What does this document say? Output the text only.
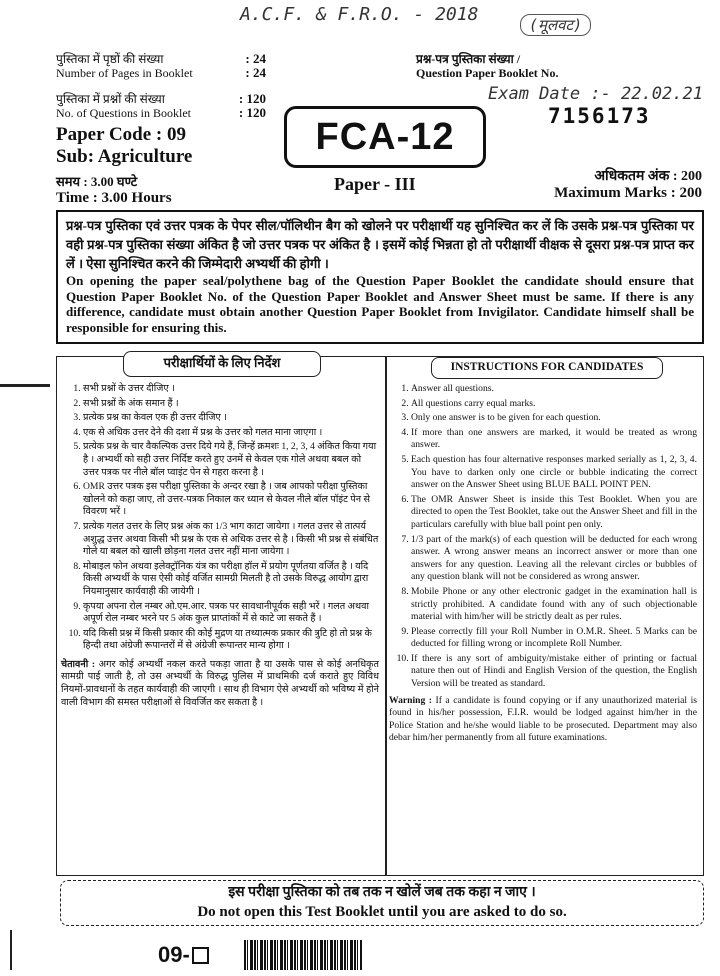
A.C.F. & F.R.O. - 2018	(मूलवट)
Exam Date :- 22.02.21
पुस्तिका में पृष्ठों की संख्या
Number of Pages in Booklet
: 24
: 24
पुस्तिका में प्रश्नों की संख्या
No. of Questions in Booklet
: 120
: 120
Paper Code : 09
Sub: Agriculture
समय : 3.00 घण्टे
Time : 3.00 Hours
प्रश्न-पत्र पुस्तिका संख्या /
Question Paper Booklet No.
7156173
अधिकतम अंक : 200
Maximum Marks : 200
FCA-12
Paper - III
प्रश्न-पत्र पुस्तिका एवं उत्तर पत्रक के पेपर सील/पॉलिथीन बैग को खोलने पर परीक्षार्थी यह सुनिश्चित कर लें कि उसके प्रश्न-पत्र पुस्तिका पर वही प्रश्न-पत्र पुस्तिका संख्या अंकित है जो उत्तर पत्रक पर अंकित है । इसमें कोई भिन्नता हो तो परीक्षार्थी वीक्षक से दूसरा प्रश्न-पत्र प्राप्त कर लें । ऐसा सुनिश्चित करने की जिम्मेदारी अभ्यर्थी की होगी ।
On opening the paper seal/polythene bag of the Question Paper Booklet the candidate should ensure that Question Paper Booklet No. of the Question Paper Booklet and Answer Sheet must be same. If there is any difference, candidate must obtain another Question Paper Booklet from Invigilator. Candidate himself shall be responsible for ensuring this.
परीक्षार्थियों के लिए निर्देश
1. सभी प्रश्नों के उत्तर दीजिए ।
2. सभी प्रश्नों के अंक समान हैं ।
3. प्रत्येक प्रश्न का केवल एक ही उत्तर दीजिए ।
4. एक से अधिक उत्तर देने की दशा में प्रश्न के उत्तर को गलत माना जाएगा ।
5. प्रत्येक प्रश्न के चार वैकल्पिक उत्तर दिये गये हैं, जिन्हें क्रमशः 1, 2, 3, 4 अंकित किया गया है । अभ्यर्थी को सही उत्तर निर्दिष्ट करते हुए उनमें से केवल एक गोले अथवा बबल को उत्तर पत्रक पर नीले बॉल प्वाइंट पेन से गहरा करना है ।
6. OMR उत्तर पत्रक इस परीक्षा पुस्तिका के अन्दर रखा है । जब आपको परीक्षा पुस्तिका खोलने को कहा जाए, तो उत्तर-पत्रक निकाल कर ध्यान से केवल नीले बॉल पॉइंट पेन से विवरण भरें ।
7. प्रत्येक गलत उत्तर के लिए प्रश्न अंक का 1/3 भाग काटा जायेगा । गलत उत्तर से तात्पर्य अशुद्ध उत्तर अथवा किसी भी प्रश्न के एक से अधिक उत्तर से है । किसी भी प्रश्न से संबंधित गोले या बबल को खाली छोड़ना गलत उत्तर नहीं माना जायेगा ।
8. मोबाइल फोन अथवा इलेक्ट्रॉनिक यंत्र का परीक्षा हॉल में प्रयोग पूर्णतया वर्जित है । यदि किसी अभ्यर्थी के पास ऐसी कोई वर्जित सामग्री मिलती है तो उसके विरुद्ध आयोग द्वारा नियमानुसार कार्यवाही की जायेगी ।
9. कृपया अपना रोल नम्बर ओ.एम.आर. पत्रक पर सावधानीपूर्वक सही भरें । गलत अथवा अपूर्ण रोल नम्बर भरने पर 5 अंक कुल प्राप्तांकों में से काटे जा सकते हैं ।
10. यदि किसी प्रश्न में किसी प्रकार की कोई मुद्रण या तथ्यात्मक प्रकार की त्रुटि हो तो प्रश्न के हिन्दी तथा अंग्रेजी रूपान्तरों में से अंग्रेजी रूपान्तर मान्य होगा ।
चेतावनी : अगर कोई अभ्यर्थी नकल करते पकड़ा जाता है या उसके पास से कोई अनधिकृत सामग्री पाई जाती है, तो उस अभ्यर्थी के विरुद्ध पुलिस में प्राथमिकी दर्ज कराते हुए विविध नियमों-प्रावधानों के तहत कार्यवाही की जाएगी । साथ ही विभाग ऐसे अभ्यर्थी को भविष्य में होने वाली विभाग की समस्त परीक्षाओं से विवर्जित कर सकता है ।
INSTRUCTIONS FOR CANDIDATES
1. Answer all questions.
2. All questions carry equal marks.
3. Only one answer is to be given for each question.
4. If more than one answers are marked, it would be treated as wrong answer.
5. Each question has four alternative responses marked serially as 1, 2, 3, 4. You have to darken only one circle or bubble indicating the correct answer on the Answer Sheet using BLUE BALL POINT PEN.
6. The OMR Answer Sheet is inside this Test Booklet. When you are directed to open the Test Booklet, take out the Answer Sheet and fill in the particulars carefully with blue ball point pen only.
7. 1/3 part of the mark(s) of each question will be deducted for each wrong answer. A wrong answer means an incorrect answer or more than one answers for any question. Leaving all the relevant circles or bubbles of any question blank will not be considered as wrong answer.
8. Mobile Phone or any other electronic gadget in the examination hall is strictly prohibited. A candidate found with any of such objectionable material with him/her will be strictly dealt as per rules.
9. Please correctly fill your Roll Number in O.M.R. Sheet. 5 Marks can be deducted for filling wrong or incomplete Roll Number.
10. If there is any sort of ambiguity/mistake either of printing or factual nature then out of Hindi and English Version of the question, the English Version will be treated as standard.
Warning : If a candidate is found copying or if any unauthorized material is found in his/her possession, F.I.R. would be lodged against him/her in the Police Station and he/she would liable to be prosecuted. Department may also debar him/her permanently from all future examinations.
इस परीक्षा पुस्तिका को तब तक न खोलें जब तक कहा न जाए ।
Do not open this Test Booklet until you are asked to do so.
09-
